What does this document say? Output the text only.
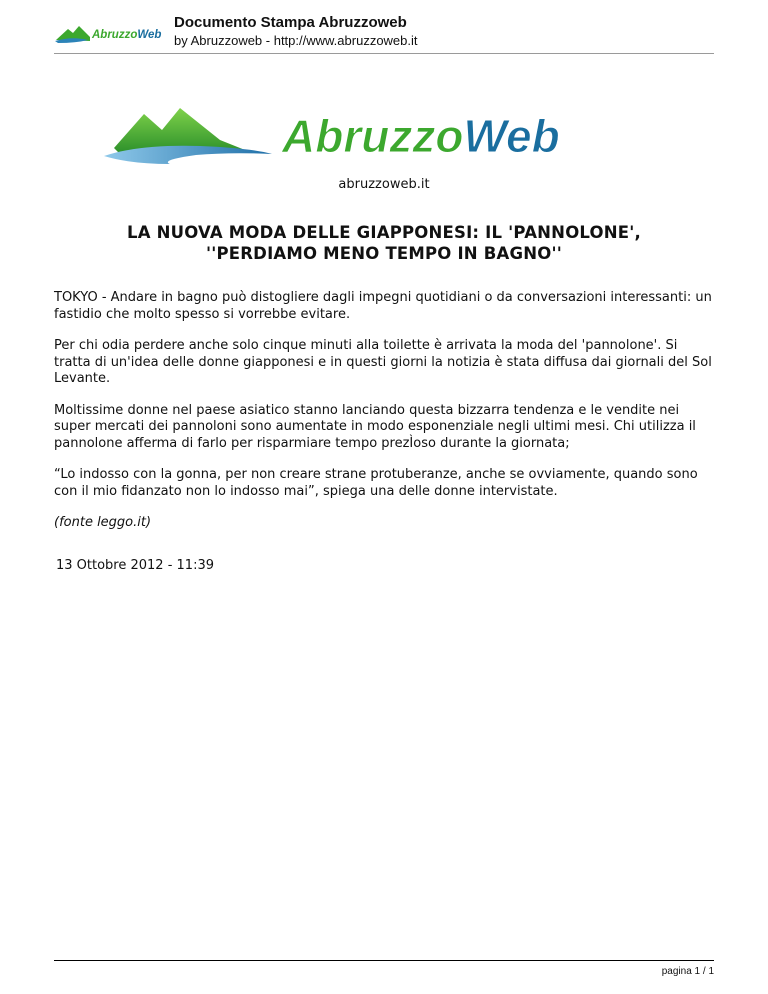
AbruzzoWeb
Documento Stampa Abruzzoweb
by Abruzzoweb - http://www.abruzzoweb.it
AbruzzoWeb
abruzzoweb.it
LA NUOVA MODA DELLE GIAPPONESI: IL 'PANNOLONE',
''PERDIAMO MENO TEMPO IN BAGNO''

TOKYO - Andare in bagno può distogliere dagli impegni quotidiani o da conversazioni interessanti: un fastidio che molto spesso si vorrebbe evitare.

Per chi odia perdere anche solo cinque minuti alla toilette è arrivata la moda del 'pannolone'. Si tratta di un'idea delle donne giapponesi e in questi giorni la notizia è stata diffusa dai giornali del Sol Levante.

Moltissime donne nel paese asiatico stanno lanciando questa bizzarra tendenza e le vendite nei super mercati dei pannoloni sono aumentate in modo esponenziale negli ultimi mesi. Chi utilizza il pannolone afferma di farlo per risparmiare tempo prezÌoso durante la giornata;

“Lo indosso con la gonna, per non creare strane protuberanze, anche se ovviamente, quando sono con il mio fidanzato non lo indosso mai”, spiega una delle donne intervistate.

(fonte leggo.it)

13 Ottobre 2012 - 11:39
pagina 1 / 1
